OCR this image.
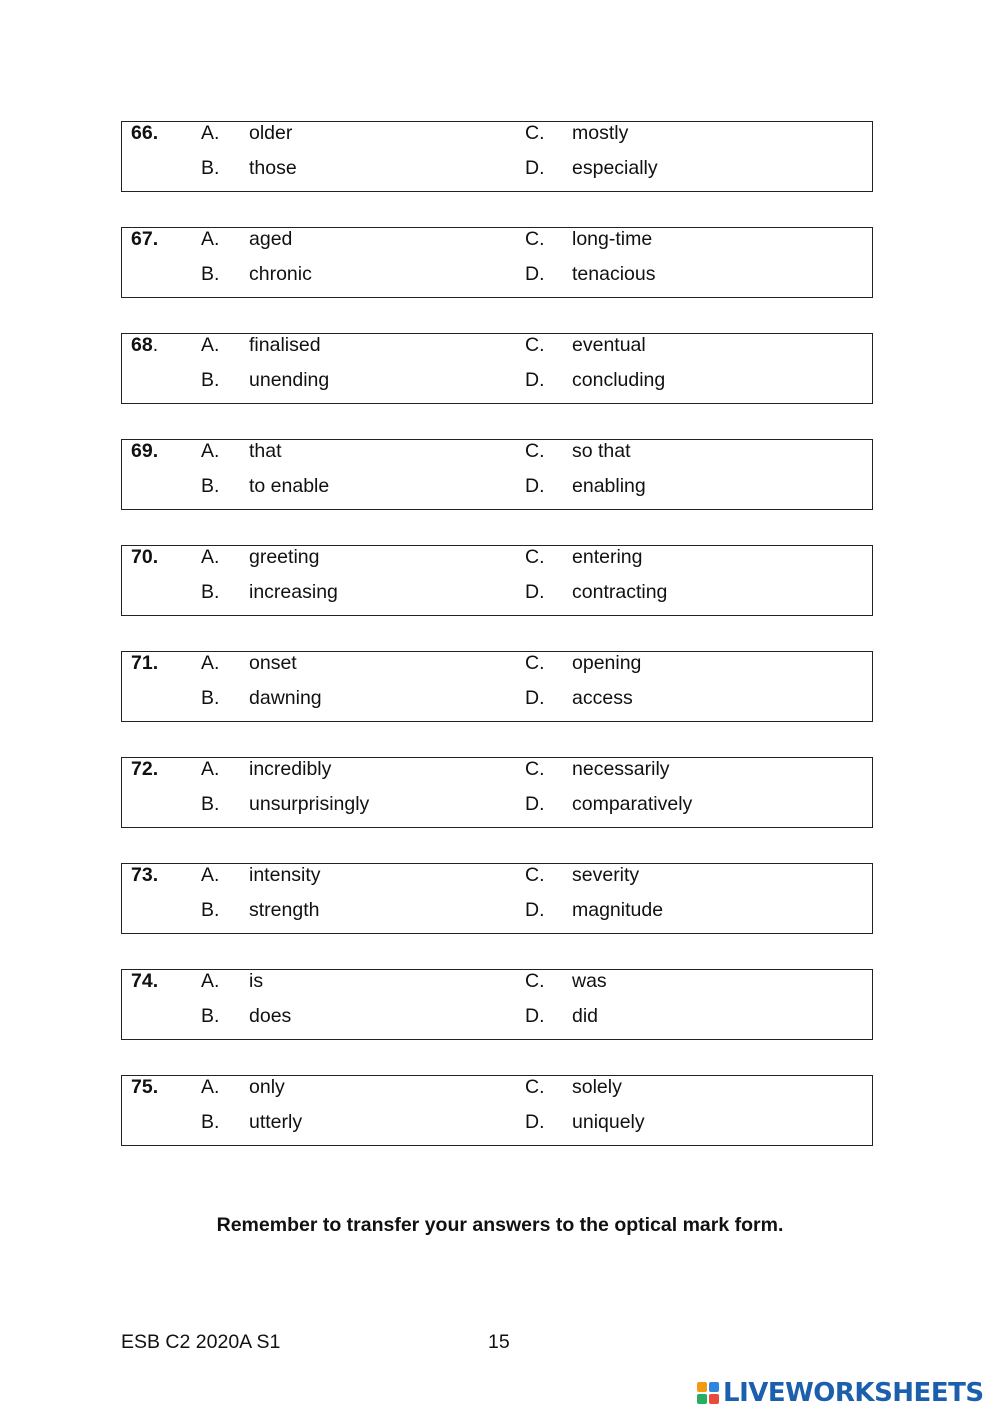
66. A. older
B. those
C. mostly
D. especially
67. A. aged
B. chronic
C. long-time
D. tenacious
68. A. finalised
B. unending
C. eventual
D. concluding
69. A. that
B. to enable
C. so that
D. enabling
70. A. greeting
B. increasing
C. entering
D. contracting
71. A. onset
B. dawning
C. opening
D. access
72. A. incredibly
B. unsurprisingly
C. necessarily
D. comparatively
73. A. intensity
B. strength
C. severity
D. magnitude
74. A. is
B. does
C. was
D. did
75. A. only
B. utterly
C. solely
D. uniquely
Remember to transfer your answers to the optical mark form.
ESB C2 2020A S1	15
LIVEWORKSHEETS
